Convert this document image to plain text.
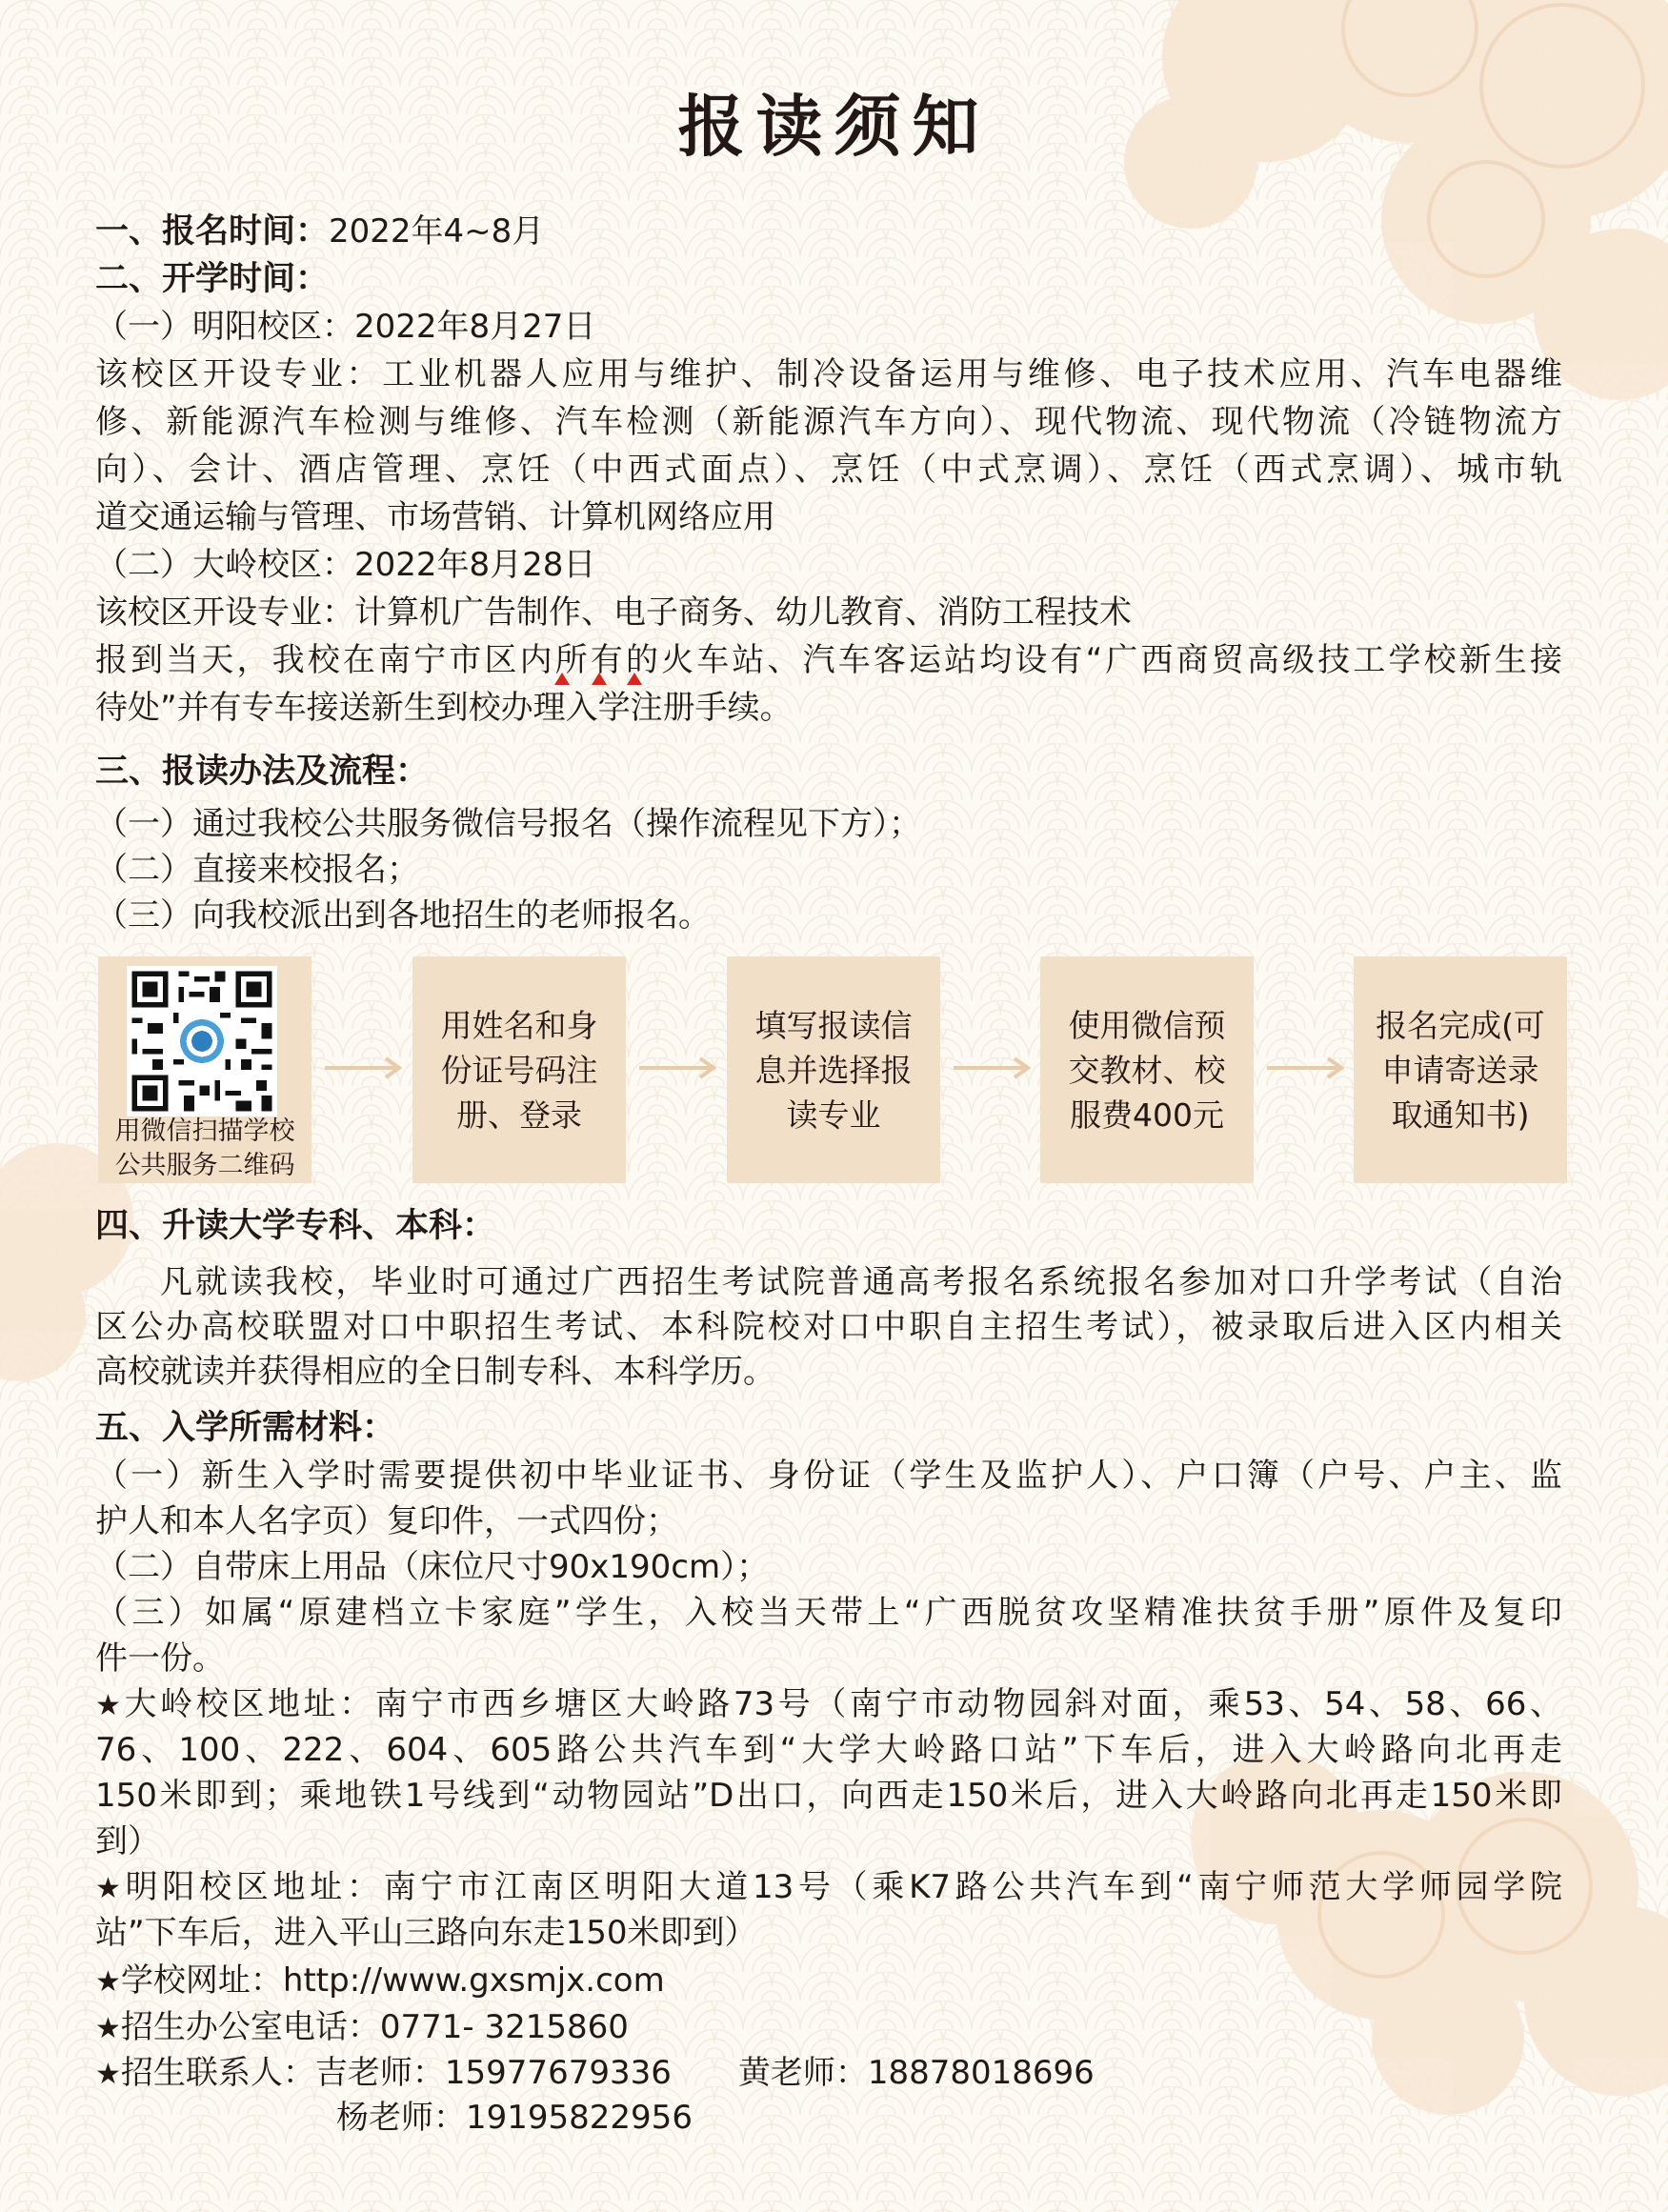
报读须知

一、报名时间：2022年4~8月

二、开学时间：

（一）明阳校区：2022年8月27日

该校区开设专业：工业机器人应用与维护、制冷设备运用与维修、电子技术应用、汽车电器维

修、新能源汽车检测与维修、汽车检测（新能源汽车方向）、现代物流、现代物流（冷链物流方

向）、会计、酒店管理、烹饪（中西式面点）、烹饪（中式烹调）、烹饪（西式烹调）、城市轨

道交通运输与管理、市场营销、计算机网络应用

（二）大岭校区：2022年8月28日

该校区开设专业：计算机广告制作、电子商务、幼儿教育、消防工程技术

报到当天，我校在南宁市区内所有的火车站、汽车客运站均设有“广西商贸高级技工学校新生接

待处”并有专车接送新生到校办理入学注册手续。

三、报读办法及流程：

（一）通过我校公共服务微信号报名（操作流程见下方）；

（二）直接来校报名；

（三）向我校派出到各地招生的老师报名。

用微信扫描学校
公共服务二维码
用姓名和身份证号码注册、登录
填写报读信息并选择报读专业
使用微信预交教材、校服费400元
报名完成(可申请寄送录取通知书)

四、升读大学专科、本科：

凡就读我校，毕业时可通过广西招生考试院普通高考报名系统报名参加对口升学考试（自治

区公办高校联盟对口中职招生考试、本科院校对口中职自主招生考试），被录取后进入区内相关

高校就读并获得相应的全日制专科、本科学历。

五、入学所需材料：

（一）新生入学时需要提供初中毕业证书、身份证（学生及监护人）、户口簿（户号、户主、监

护人和本人名字页）复印件，一式四份；

（二）自带床上用品（床位尺寸90x190cm）；

（三）如属“原建档立卡家庭”学生，入校当天带上“广西脱贫攻坚精准扶贫手册”原件及复印

件一份。

★大岭校区地址：南宁市西乡塘区大岭路73号（南宁市动物园斜对面，乘53、54、58、66、

76、100、222、604、605路公共汽车到“大学大岭路口站”下车后，进入大岭路向北再走

150米即到；乘地铁1号线到“动物园站”D出口，向西走150米后，进入大岭路向北再走150米即

到）

★明阳校区地址：南宁市江南区明阳大道13号（乘K7路公共汽车到“南宁师范大学师园学院

站”下车后，进入平山三路向东走150米即到）

★学校网址：http://www.gxsmjx.com

★招生办公室电话：0771- 3215860

★招生联系人：吉老师：15977679336 黄老师：18878018696

杨老师：19195822956
